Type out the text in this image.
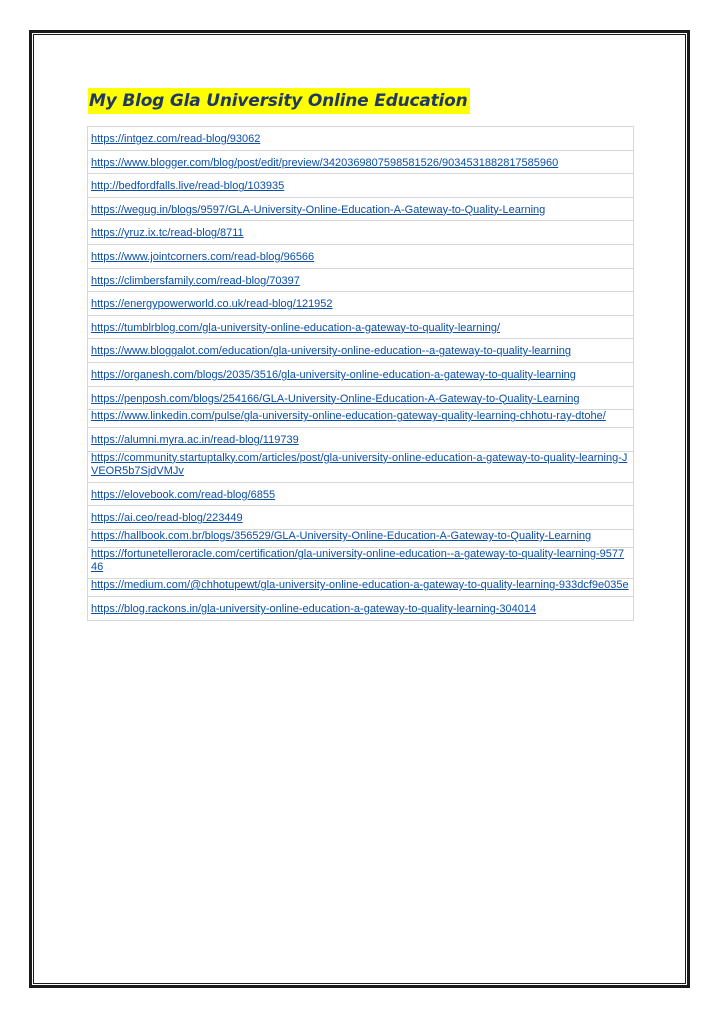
My Blog Gla University Online Education
https://intgez.com/read-blog/93062
https://www.blogger.com/blog/post/edit/preview/3420369807598581526/9034531882817585960
http://bedfordfalls.live/read-blog/103935
https://wegug.in/blogs/9597/GLA-University-Online-Education-A-Gateway-to-Quality-Learning
https://yruz.ix.tc/read-blog/8711
https://www.jointcorners.com/read-blog/96566
https://climbersfamily.com/read-blog/70397
https://energypowerworld.co.uk/read-blog/121952
https://tumblrblog.com/gla-university-online-education-a-gateway-to-quality-learning/
https://www.bloggalot.com/education/gla-university-online-education--a-gateway-to-quality-learning
https://organesh.com/blogs/2035/3516/gla-university-online-education-a-gateway-to-quality-learning
https://penposh.com/blogs/254166/GLA-University-Online-Education-A-Gateway-to-Quality-Learning
https://www.linkedin.com/pulse/gla-university-online-education-gateway-quality-learning-chhotu-ray-dtohe/
https://alumni.myra.ac.in/read-blog/119739
https://community.startuptalky.com/articles/post/gla-university-online-education-a-gateway-to-quality-learning-JVEOR5b7SjdVMJv
https://elovebook.com/read-blog/6855
https://ai.ceo/read-blog/223449
https://hallbook.com.br/blogs/356529/GLA-University-Online-Education-A-Gateway-to-Quality-Learning
https://fortunetelleroracle.com/certification/gla-university-online-education--a-gateway-to-quality-learning-957746
https://medium.com/@chhotupewt/gla-university-online-education-a-gateway-to-quality-learning-933dcf9e035e
https://blog.rackons.in/gla-university-online-education-a-gateway-to-quality-learning-304014
